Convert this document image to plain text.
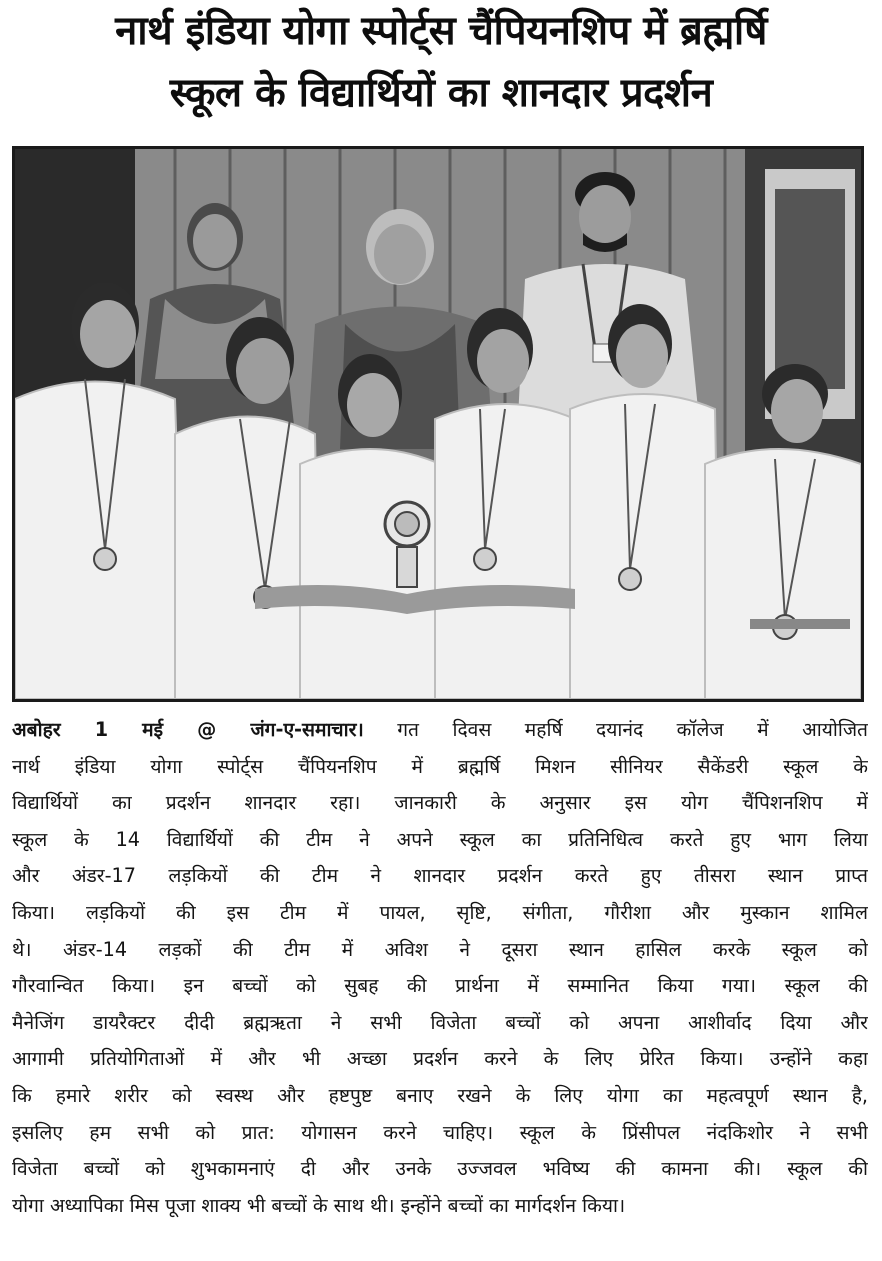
नार्थ इंडिया योगा स्पोर्ट्स चैंपियनशिप में ब्रह्मर्षि
स्कूल के विद्यार्थियों का शानदार प्रदर्शन
अबोहर 1 मई @ जंग-ए-समाचार। गत दिवस महर्षि दयानंद कॉलेज में आयोजित
नार्थ इंडिया योगा स्पोर्ट्स चैंपियनशिप में ब्रह्मर्षि मिशन सीनियर सैकेंडरी स्कूल के
विद्यार्थियों का प्रदर्शन शानदार रहा। जानकारी के अनुसार इस योग चैंपिशनशिप में
स्कूल के 14 विद्यार्थियों की टीम ने अपने स्कूल का प्रतिनिधित्व करते हुए भाग लिया
और अंडर-17 लड़कियों की टीम ने शानदार प्रदर्शन करते हुए तीसरा स्थान प्राप्त
किया। लड़कियों की इस टीम में पायल, सृष्टि, संगीता, गौरीशा और मुस्कान शामिल
थे। अंडर-14 लड़कों की टीम में अविश ने दूसरा स्थान हासिल करके स्कूल को
गौरवान्वित किया। इन बच्चों को सुबह की प्रार्थना में सम्मानित किया गया। स्कूल की
मैनेजिंग डायरैक्टर दीदी ब्रह्मऋता ने सभी विजेता बच्चों को अपना आशीर्वाद दिया और
आगामी प्रतियोगिताओं में और भी अच्छा प्रदर्शन करने के लिए प्रेरित किया। उन्होंने कहा
कि हमारे शरीर को स्वस्थ और हष्टपुष्ट बनाए रखने के लिए योगा का महत्वपूर्ण स्थान है,
इसलिए हम सभी को प्रात: योगासन करने चाहिए। स्कूल के प्रिंसीपल नंदकिशोर ने सभी
विजेता बच्चों को शुभकामनाएं दी और उनके उज्जवल भविष्य की कामना की। स्कूल की
योगा अध्यापिका मिस पूजा शाक्य भी बच्चों के साथ थी। इन्होंने बच्चों का मार्गदर्शन किया।
